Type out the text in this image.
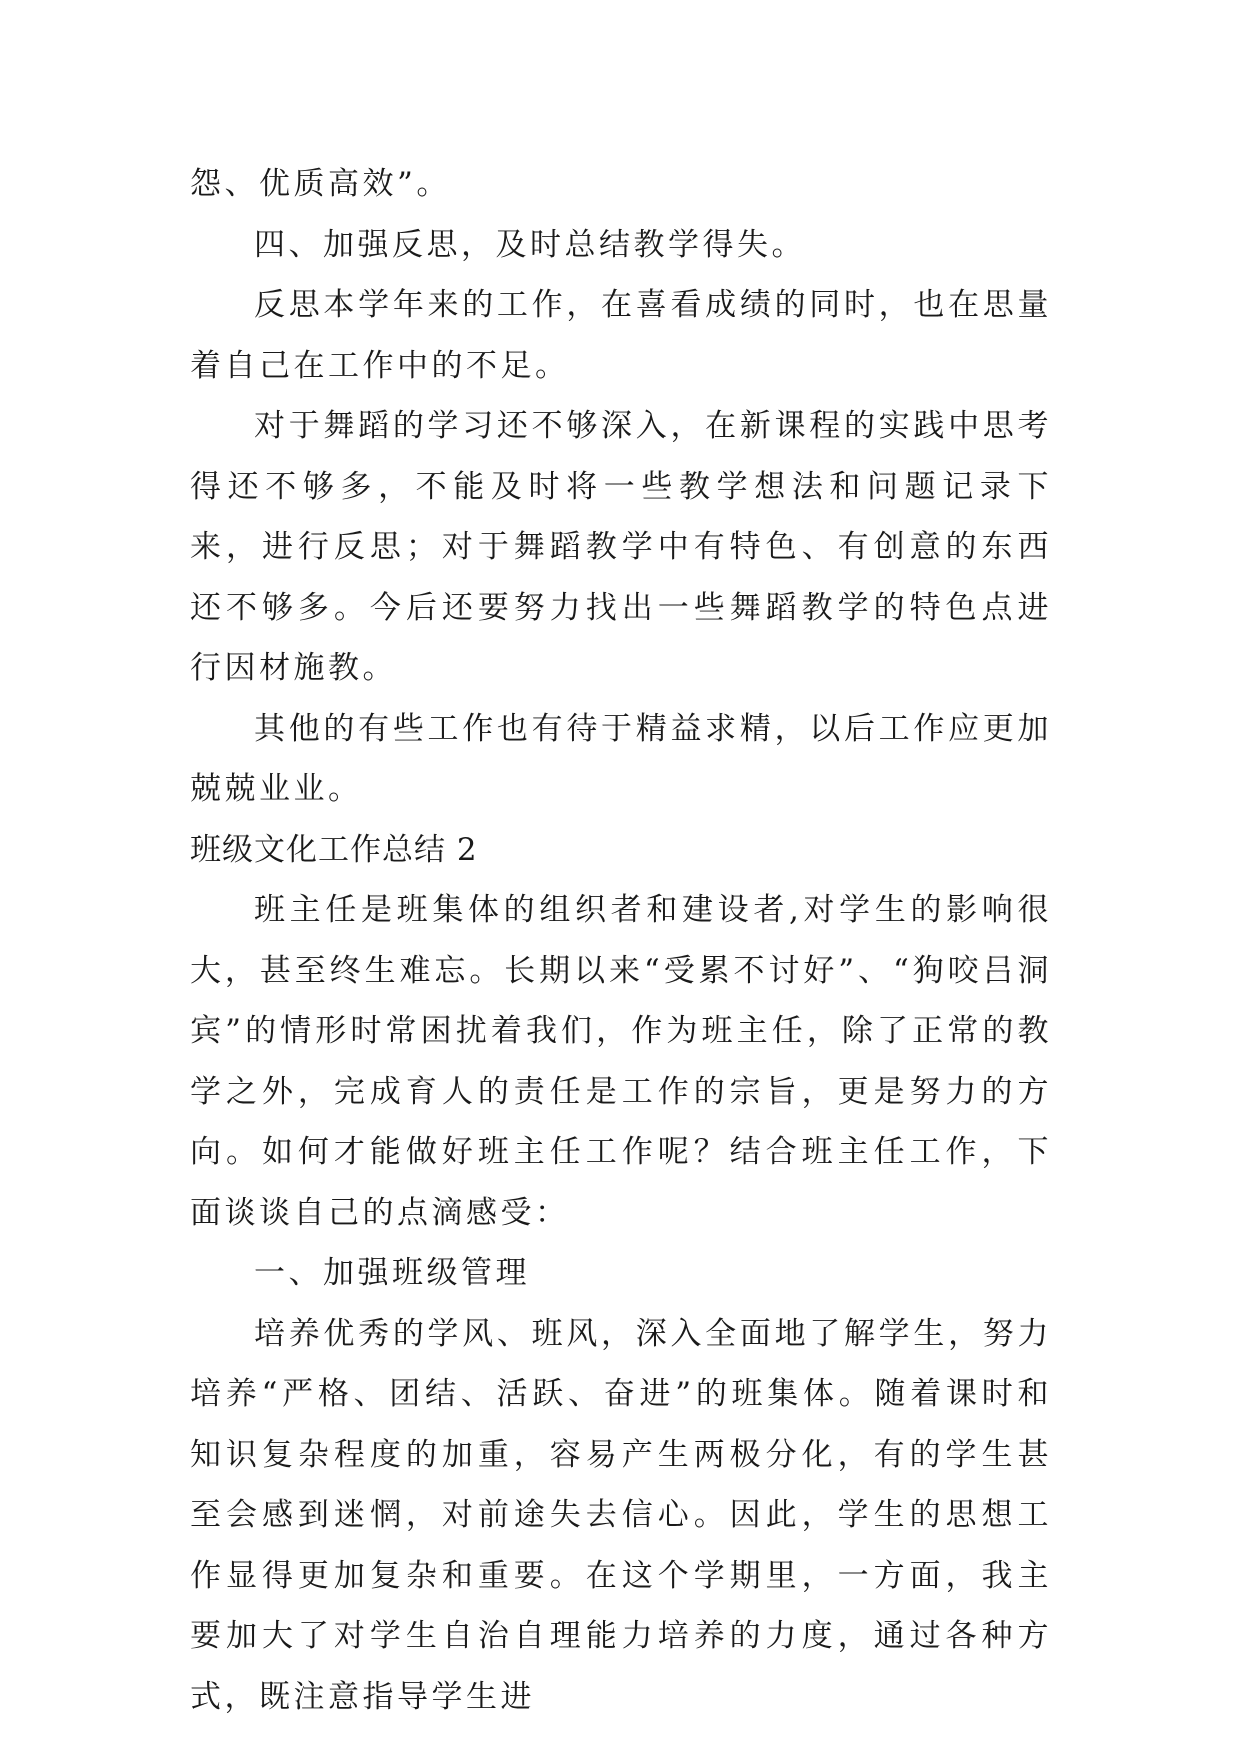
怨、优质高效”。

四、加强反思，及时总结教学得失。

反思本学年来的工作，在喜看成绩的同时，也在思量着自己在工作中的不足。

对于舞蹈的学习还不够深入，在新课程的实践中思考得还不够多，不能及时将一些教学想法和问题记录下来，进行反思；对于舞蹈教学中有特色、有创意的东西还不够多。今后还要努力找出一些舞蹈教学的特色点进行因材施教。

其他的有些工作也有待于精益求精，以后工作应更加兢兢业业。

班级文化工作总结 2

班主任是班集体的组织者和建设者,对学生的影响很大，甚至终生难忘。长期以来“受累不讨好”、“狗咬吕洞宾”的情形时常困扰着我们，作为班主任，除了正常的教学之外，完成育人的责任是工作的宗旨，更是努力的方向。如何才能做好班主任工作呢？结合班主任工作，下面谈谈自己的点滴感受：

一、加强班级管理

培养优秀的学风、班风，深入全面地了解学生，努力培养“严格、团结、活跃、奋进”的班集体。随着课时和知识复杂程度的加重，容易产生两极分化，有的学生甚至会感到迷惘，对前途失去信心。因此，学生的思想工作显得更加复杂和重要。在这个学期里，一方面，我主要加大了对学生自治自理能力培养的力度，通过各种方式，既注意指导学生进
